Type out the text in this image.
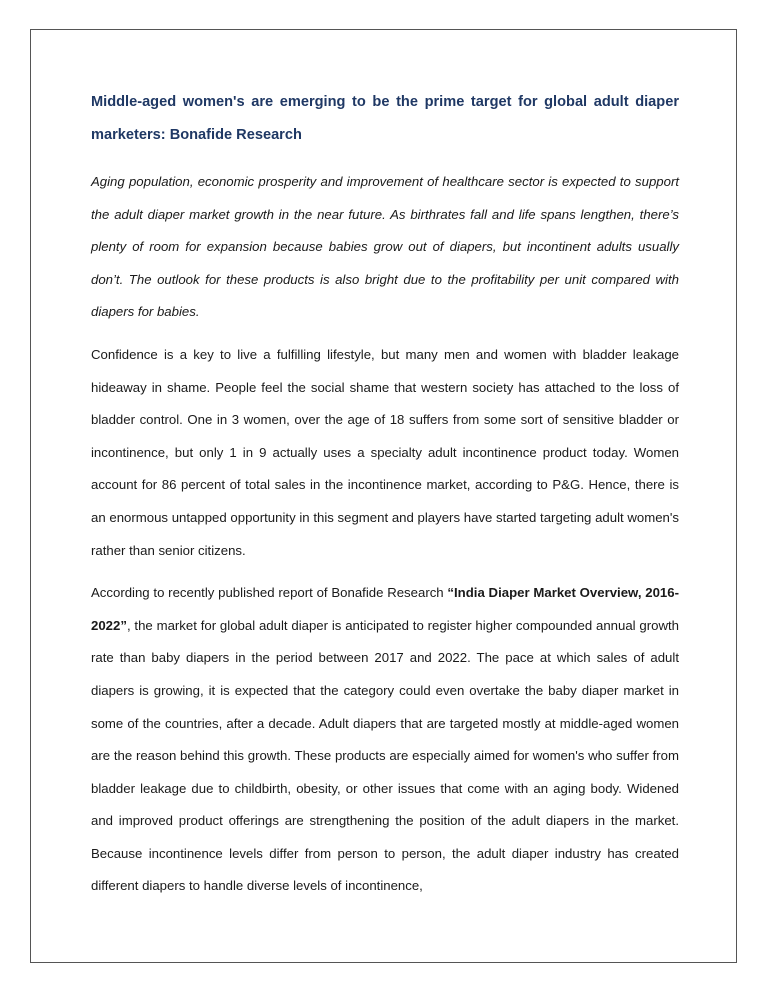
Middle-aged women's are emerging to be the prime target for global adult diaper marketers: Bonafide Research

Aging population, economic prosperity and improvement of healthcare sector is expected to support the adult diaper market growth in the near future. As birthrates fall and life spans lengthen, there’s plenty of room for expansion because babies grow out of diapers, but incontinent adults usually don’t. The outlook for these products is also bright due to the profitability per unit compared with diapers for babies.

Confidence is a key to live a fulfilling lifestyle, but many men and women with bladder leakage hideaway in shame. People feel the social shame that western society has attached to the loss of bladder control. One in 3 women, over the age of 18 suffers from some sort of sensitive bladder or incontinence, but only 1 in 9 actually uses a specialty adult incontinence product today. Women account for 86 percent of total sales in the incontinence market, according to P&G. Hence, there is an enormous untapped opportunity in this segment and players have started targeting adult women's rather than senior citizens.

According to recently published report of Bonafide Research “India Diaper Market Overview, 2016-2022”, the market for global adult diaper is anticipated to register higher compounded annual growth rate than baby diapers in the period between 2017 and 2022. The pace at which sales of adult diapers is growing, it is expected that the category could even overtake the baby diaper market in some of the countries, after a decade. Adult diapers that are targeted mostly at middle-aged women are the reason behind this growth. These products are especially aimed for women's who suffer from bladder leakage due to childbirth, obesity, or other issues that come with an aging body. Widened and improved product offerings are strengthening the position of the adult diapers in the market. Because incontinence levels differ from person to person, the adult diaper industry has created different diapers to handle diverse levels of incontinence,
